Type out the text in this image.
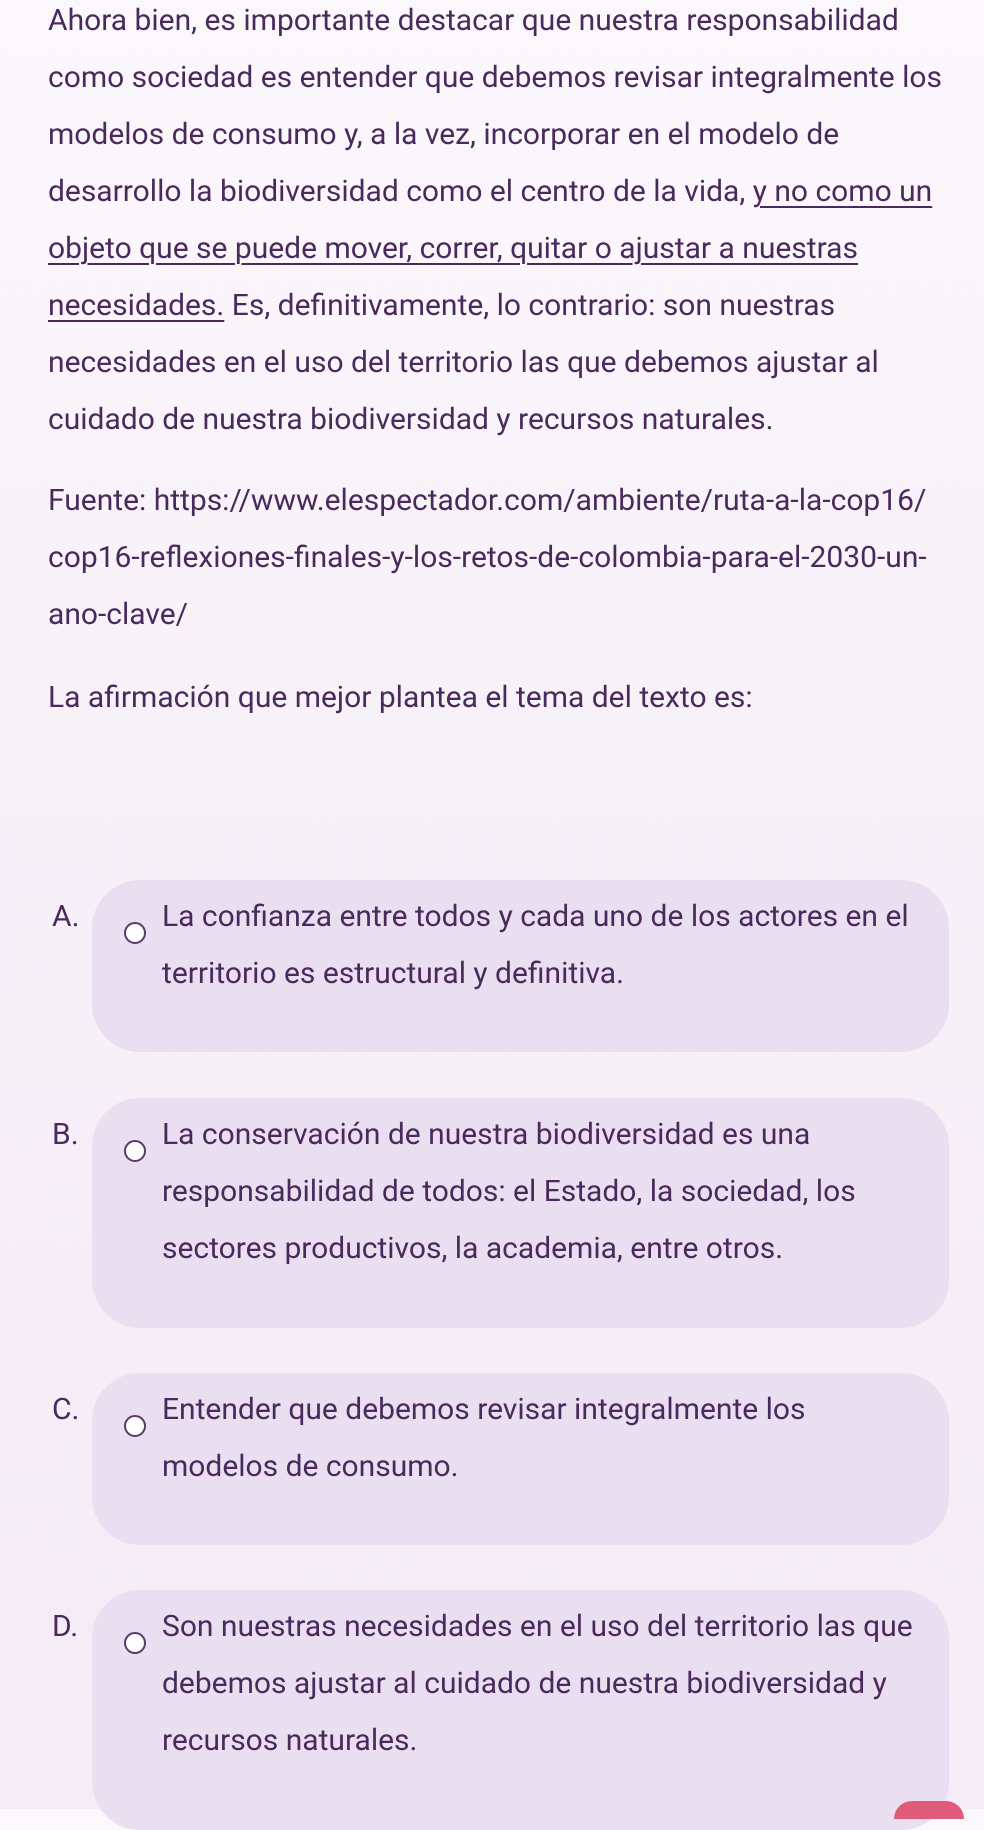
Ahora bien, es importante destacar que nuestra responsabilidad como sociedad es entender que debemos revisar integralmente los modelos de consumo y, a la vez, incorporar en el modelo de desarrollo la biodiversidad como el centro de la vida, y no como un objeto que se puede mover, correr, quitar o ajustar a nuestras necesidades. Es, definitivamente, lo contrario: son nuestras necesidades en el uso del territorio las que debemos ajustar al cuidado de nuestra biodiversidad y recursos naturales.

Fuente: https://www.elespectador.com/ambiente/ruta-a-la-cop16/cop16-reflexiones-finales-y-los-retos-de-colombia-para-el-2030-un-ano-clave/

La afirmación que mejor plantea el tema del texto es:

A.	La confianza entre todos y cada uno de los actores en el territorio es estructural y definitiva.
B.	La conservación de nuestra biodiversidad es una responsabilidad de todos: el Estado, la sociedad, los sectores productivos, la academia, entre otros.
C.	Entender que debemos revisar integralmente los modelos de consumo.
D.	Son nuestras necesidades en el uso del territorio las que debemos ajustar al cuidado de nuestra biodiversidad y recursos naturales.
